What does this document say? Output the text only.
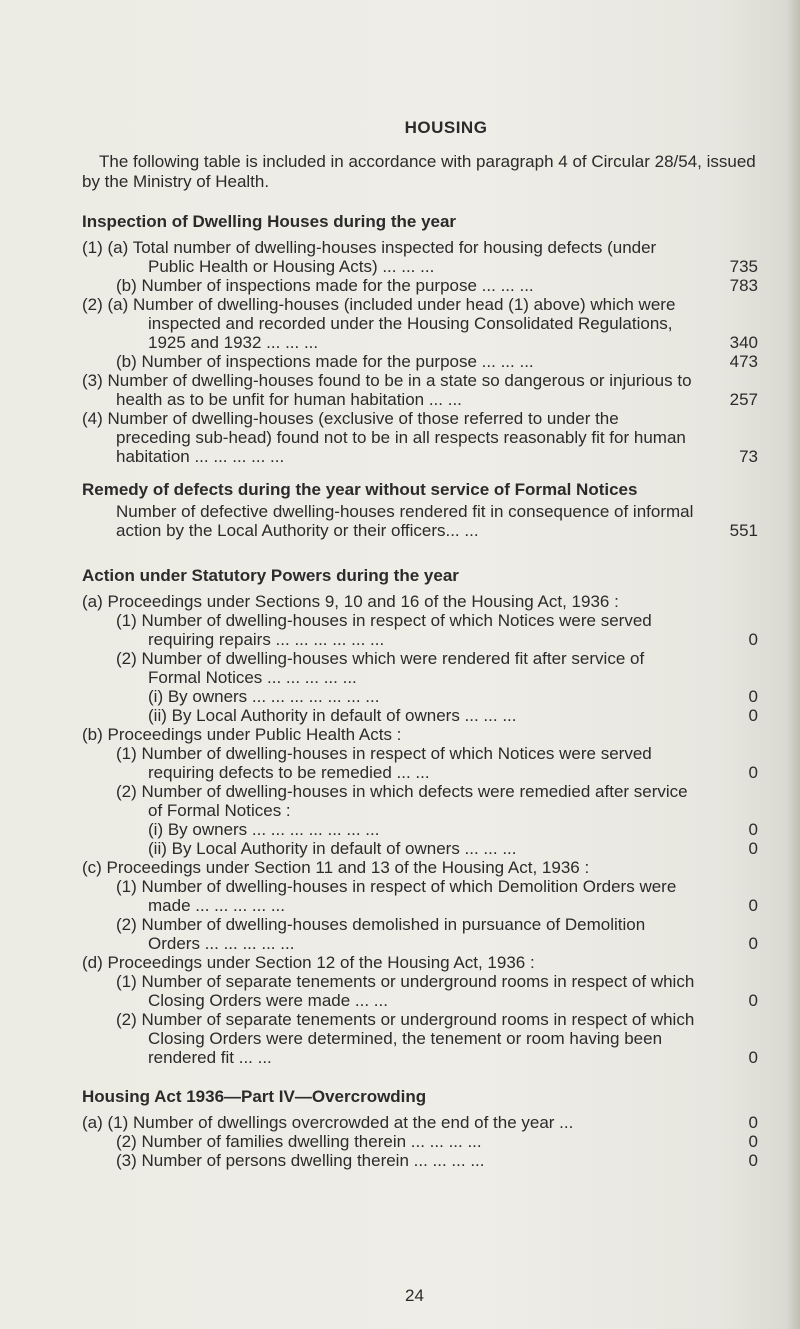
HOUSING
The following table is included in accordance with paragraph 4 of Circular 28/54, issued by the Ministry of Health.
Inspection of Dwelling Houses during the year
(1) (a) Total number of dwelling-houses inspected for housing defects (under Public Health or Housing Acts) ... ... ...	735
(b) Number of inspections made for the purpose ... ... ...	783
(2) (a) Number of dwelling-houses (included under head (1) above) which were inspected and recorded under the Housing Consolidated Regulations, 1925 and 1932 ... ... ...	340
(b) Number of inspections made for the purpose ... ... ...	473
(3) Number of dwelling-houses found to be in a state so dangerous or injurious to health as to be unfit for human habitation ... ...	257
(4) Number of dwelling-houses (exclusive of those referred to under the preceding sub-head) found not to be in all respects reasonably fit for human habitation ... ... ... ... ...	73
Remedy of defects during the year without service of Formal Notices
Number of defective dwelling-houses rendered fit in consequence of informal action by the Local Authority or their officers... ...	551
Action under Statutory Powers during the year
(a) Proceedings under Sections 9, 10 and 16 of the Housing Act, 1936 :
(1) Number of dwelling-houses in respect of which Notices were served requiring repairs ... ... ... ... ... ...	0
(2) Number of dwelling-houses which were rendered fit after service of Formal Notices ... ... ... ... ...
(i) By owners ... ... ... ... ... ... ...	0
(ii) By Local Authority in default of owners ... ... ...	0
(b) Proceedings under Public Health Acts :
(1) Number of dwelling-houses in respect of which Notices were served requiring defects to be remedied ... ...	0
(2) Number of dwelling-houses in which defects were remedied after service of Formal Notices :
(i) By owners ... ... ... ... ... ... ...	0
(ii) By Local Authority in default of owners ... ... ...	0
(c) Proceedings under Section 11 and 13 of the Housing Act, 1936 :
(1) Number of dwelling-houses in respect of which Demolition Orders were made ... ... ... ... ...	0
(2) Number of dwelling-houses demolished in pursuance of Demolition Orders ... ... ... ... ...	0
(d) Proceedings under Section 12 of the Housing Act, 1936 :
(1) Number of separate tenements or underground rooms in respect of which Closing Orders were made ... ...	0
(2) Number of separate tenements or underground rooms in respect of which Closing Orders were determined, the tenement or room having been rendered fit ... ...	0
Housing Act 1936—Part IV—Overcrowding
(a) (1) Number of dwellings overcrowded at the end of the year ...	0
(2) Number of families dwelling therein ... ... ... ...	0
(3) Number of persons dwelling therein ... ... ... ...	0
24
